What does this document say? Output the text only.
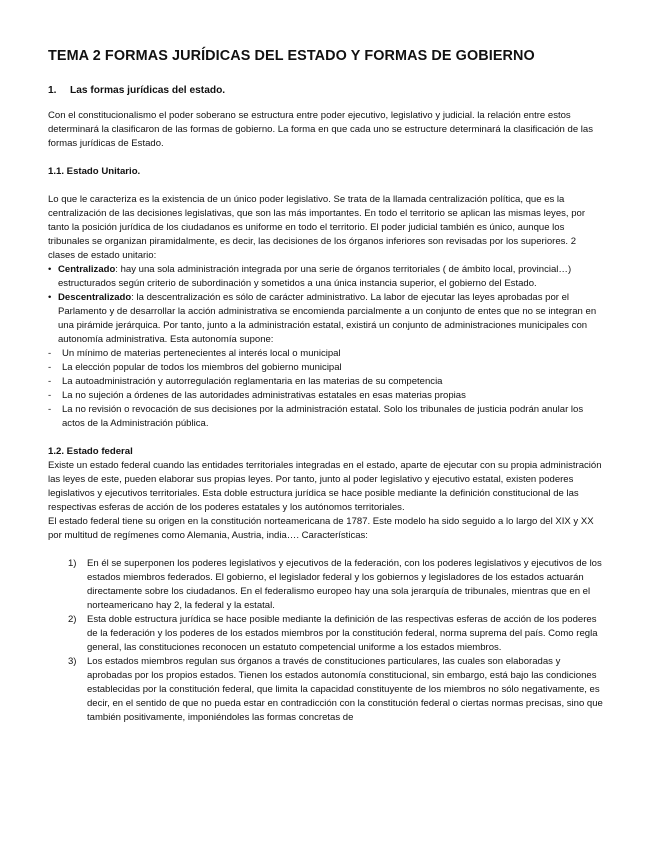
TEMA 2 FORMAS JURÍDICAS DEL ESTADO Y FORMAS DE GOBIERNO
1. Las formas jurídicas del estado.

Con el constitucionalismo el poder soberano se estructura entre poder ejecutivo, legislativo y judicial. la relación entre estos determinará la clasificaron de las formas de gobierno. La forma en que cada uno se estructure determinará la clasificación de las formas jurídicas de Estado.

1.1. Estado Unitario.

Lo que le caracteriza es la existencia de un único poder legislativo. Se trata de la llamada centralización política, que es la centralización de las decisiones legislativas, que son las más importantes. En todo el territorio se aplican las mismas leyes, por tanto la posición jurídica de los ciudadanos es uniforme en todo el territorio. El poder judicial también es único, aunque los tribunales se organizan piramidalmente, es decir, las decisiones de los órganos inferiores son revisadas por los superiores. 2 clases de estado unitario:

• Centralizado: hay una sola administración integrada por una serie de órganos territoriales ( de ámbito local, provincial…) estructurados según criterio de subordinación y sometidos a una única instancia superior, el gobierno del Estado.
• Descentralizado: la descentralización es sólo de carácter administrativo. La labor de ejecutar las leyes aprobadas por el Parlamento y de desarrollar la acción administrativa se encomienda parcialmente a un conjunto de entes que no se integran en una pirámide jerárquica. Por tanto, junto a la administración estatal, existirá un conjunto de administraciones municipales con autonomía administrativa. Esta autonomía supone:
-	Un mínimo de materias pertenecientes al interés local o municipal
-	La elección popular de todos los miembros del gobierno municipal
-	La autoadministración y autorregulación reglamentaria en las materias de su competencia
-	La no sujeción a órdenes de las autoridades administrativas estatales en esas materias propias
-	La no revisión o revocación de sus decisiones por la administración estatal. Solo los tribunales de justicia podrán anular los actos de la Administración pública.

1.2. Estado federal

Existe un estado federal cuando las entidades territoriales integradas en el estado, aparte de ejecutar con su propia administración las leyes de este, pueden elaborar sus propias leyes. Por tanto, junto al poder legislativo y ejecutivo estatal, existen poderes legislativos y ejecutivos territoriales. Esta doble estructura jurídica se hace posible mediante la definición constitucional de las respectivas esferas de acción de los poderes estatales y los autónomos territoriales.

El estado federal tiene su origen en la constitución norteamericana de 1787. Este modelo ha sido seguido a lo largo del XIX y XX por multitud de regímenes como Alemania, Austria, india…. Características:

1)	En él se superponen los poderes legislativos y ejecutivos de la federación, con los poderes legislativos y ejecutivos de los estados miembros federados. El gobierno, el legislador federal y los gobiernos y legisladores de los estados actuarán directamente sobre los ciudadanos. En el federalismo europeo hay una sola jerarquía de tribunales, mientras que en el norteamericano hay 2, la federal y la estatal.
2)	Esta doble estructura jurídica se hace posible mediante la definición de las respectivas esferas de acción de los poderes de la federación y los poderes de los estados miembros por la constitución federal, norma suprema del país. Como regla general, las constituciones reconocen un estatuto competencial uniforme a los estados miembros.
3)	Los estados miembros regulan sus órganos a través de constituciones particulares, las cuales son elaboradas y aprobadas por los propios estados. Tienen los estados autonomía constitucional, sin embargo, está bajo las condiciones establecidas por la constitución federal, que limita la capacidad constituyente de los miembros no sólo negativamente, es decir, en el sentido de que no pueda estar en contradicción con la constitución federal o ciertas normas precisas, sino que también positivamente, imponiéndoles las formas concretas de
